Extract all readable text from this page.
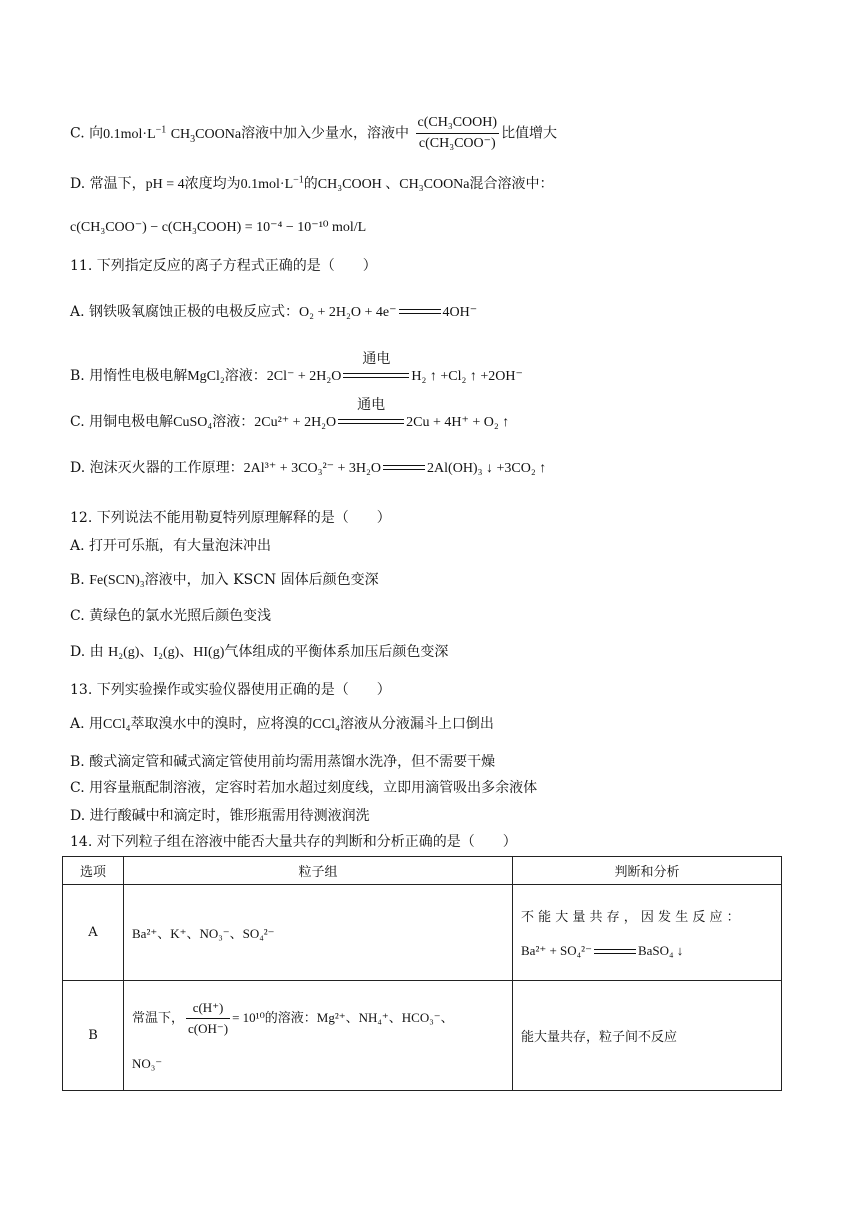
C. 向$0.1mol\cdot L^{-1}$ $CH_3COONa$溶液中加入少量水，溶液中 $\frac{\text{c(CH₃COOH)}}{\text{c(CH₃COO⁻)}}$ 比值增大
D. 常温下，pH = 4浓度均为$0.1mol\cdot L^{-1}$的CH₃COOH 、CH₃COONa混合溶液中：
c(CH₃COO⁻) − c(CH₃COOH) = 10⁻⁴ − 10⁻¹⁰ mol/L
11. 下列指定反应的离子方程式正确的是（　　）
A. 钢铁吸氧腐蚀正极的电极反应式：O₂ + 2H₂O + 4e⁻	4OH⁻
B. 用惰性电极电解MgCl₂溶液：2Cl⁻ + 2H₂O
通电
H₂ ↑ +Cl₂ ↑ +2OH⁻
C. 用铜电极电解CuSO₄溶液：2Cu²⁺ + 2H₂O
通电
2Cu + 4H⁺ + O₂ ↑
D. 泡沫灭火器的工作原理：2Al³⁺ + 3CO₃²⁻ + 3H₂O	2Al(OH)₃ ↓ +3CO₂ ↑
12. 下列说法不能用勒夏特列原理解释的是（　　）
A. 打开可乐瓶，有大量泡沫冲出
B. Fe(SCN)₃溶液中，加入 KSCN 固体后颜色变深
C. 黄绿色的氯水光照后颜色变浅
D. 由 H₂(g)、I₂(g)、HI(g)气体组成的平衡体系加压后颜色变深
13. 下列实验操作或实验仪器使用正确的是（　　）
A. 用CCl₄萃取溴水中的溴时，应将溴的CCl₄溶液从分液漏斗上口倒出
B. 酸式滴定管和碱式滴定管使用前均需用蒸馏水洗净，但不需要干燥
C. 用容量瓶配制溶液，定容时若加水超过刻度线，立即用滴管吸出多余液体
D. 进行酸碱中和滴定时，锥形瓶需用待测液润洗
14. 对下列粒子组在溶液中能否大量共存的判断和分析正确的是（　　）
选项	粒子组	判断和分析
A	Ba²⁺、K⁺、NO₃⁻、SO₄²⁻	不 能 大 量 共 存 ， 因 发 生 反 应 ：
Ba²⁺ + SO₄²⁻ BaSO₄ ↓

B	常温下， $\frac{c(H^+)}{c(OH^-)} = 10^{10}$的溶液：Mg²⁺、NH₄⁺、HCO₃⁻、
NO₃⁻	能大量共存，粒子间不反应
